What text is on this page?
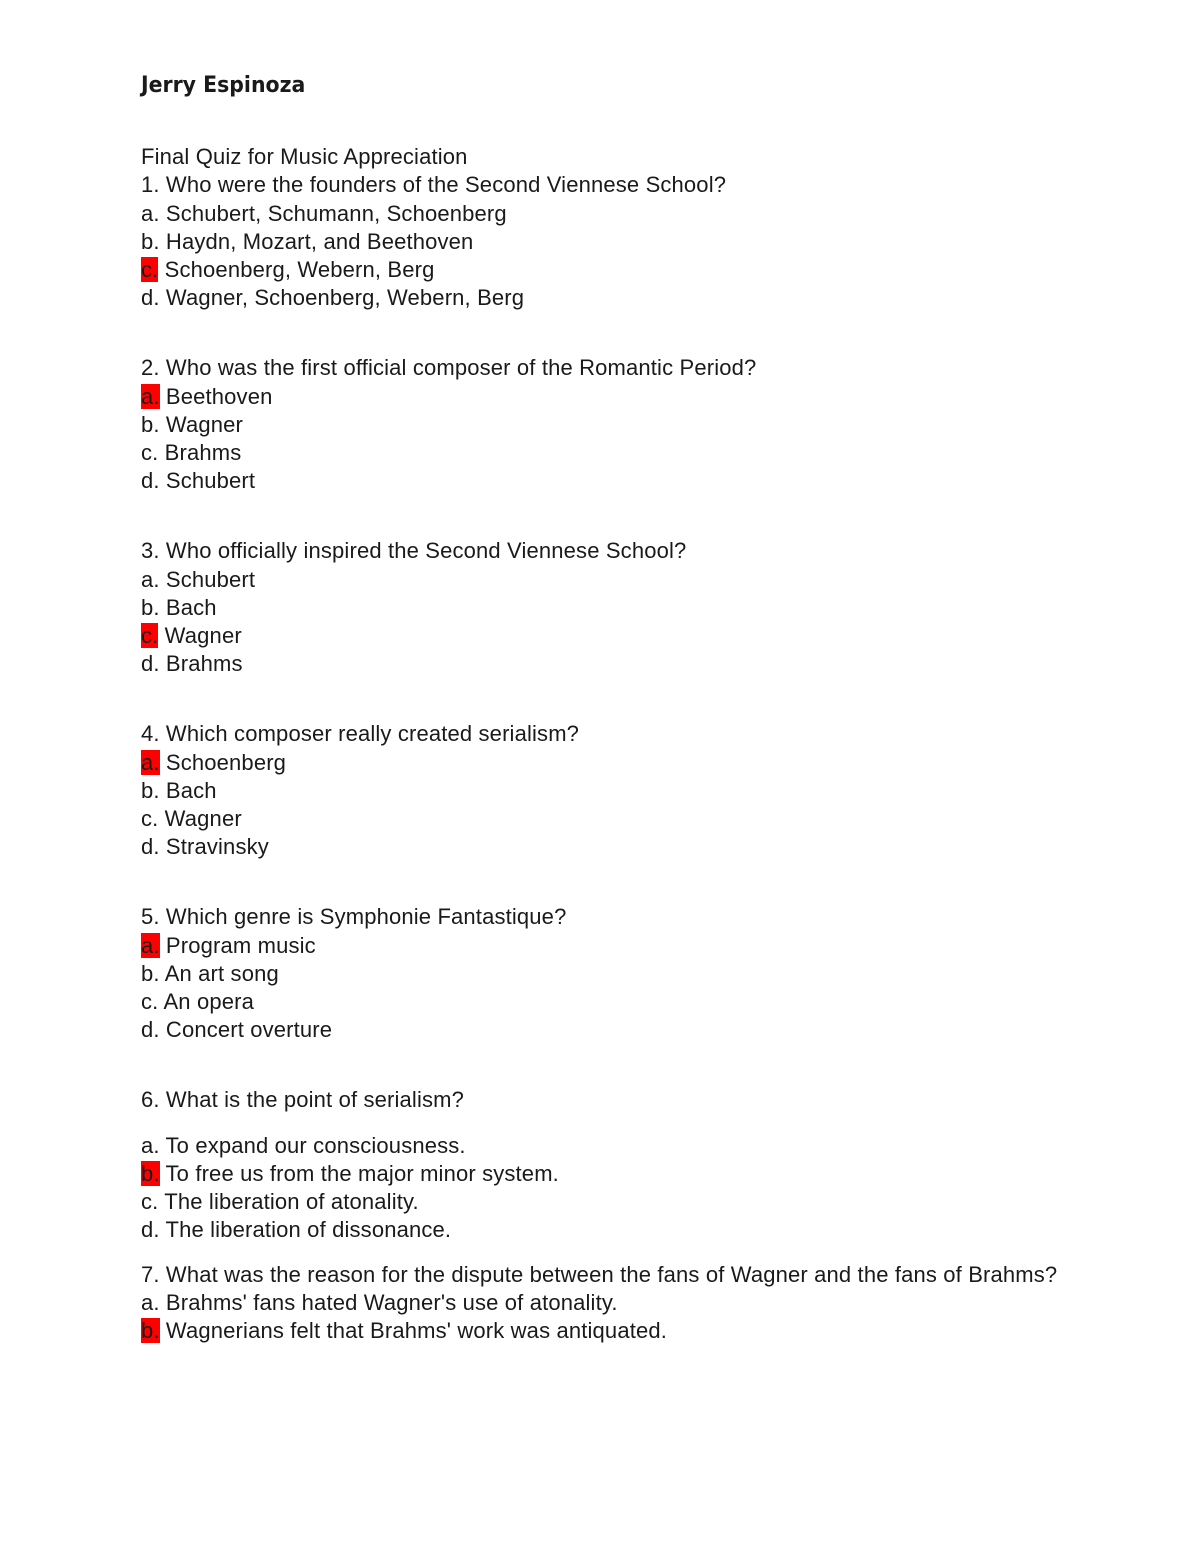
Jerry Espinoza

Final Quiz for Music Appreciation

1. Who were the founders of the Second Viennese School?

a. Schubert, Schumann, Schoenberg

b. Haydn, Mozart, and Beethoven

c. Schoenberg, Webern, Berg

d. Wagner, Schoenberg, Webern, Berg

2. Who was the first official composer of the Romantic Period?

a. Beethoven

b. Wagner

c. Brahms

d. Schubert

3. Who officially inspired the Second Viennese School?

a. Schubert

b. Bach

c. Wagner

d. Brahms

4. Which composer really created serialism?

a. Schoenberg

b. Bach

c. Wagner

d. Stravinsky

5. Which genre is Symphonie Fantastique?

a. Program music

b. An art song

c. An opera

d. Concert overture

6. What is the point of serialism?

a. To expand our consciousness.

b. To free us from the major minor system.

c. The liberation of atonality.

d. The liberation of dissonance.

7. What was the reason for the dispute between the fans of Wagner and the fans of Brahms?

a. Brahms' fans hated Wagner's use of atonality.

b. Wagnerians felt that Brahms' work was antiquated.
